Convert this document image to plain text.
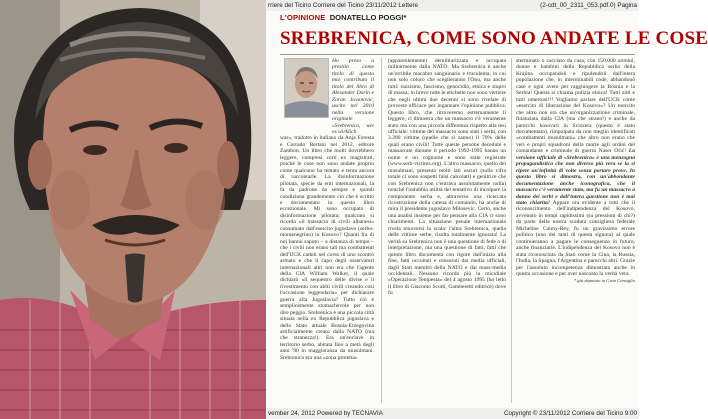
rriere del Ticino Corriere del Ticino 23/11/2012 Lettere	(2-cdt_00_2311_053.pdf.0) Pagina
L'OPINIONE DONATELLO POGGI*
SREBRENICA, COME SONO ANDATE LE COSE
Ho preso a prestito come titolo di questo mio contributo il titolo del libro di Alexander Dorin e Zoran Jovanovic, uscito nel 2010 nella versione originale «Srebrenica, wie es wirklich
war», tradotto in italiano da Anja Foresta e Corrado Bertani nel 2012, editore Zambon. Un libro che molti dovrebbero leggere, compresi certi ex magistrati, poiché le cose non sono andate proprio come qualcuno ha tentato e tenta ancora di raccontarle. La disinformazione pilotata, specie da enti internazionali, la fa da padrone da sempre e quindi condiziona grandemente ciò che è scritto e documentato in questo libro eccezionale. Mi sono occupato di disinformazione pilotata; qualcuno si ricorda «il massacro di civili albanesi» consumato dall'esercito jugoslavo (serbo-montenegrino) in Kosovo? Quanti fra di noi hanno saputo – a distanza di tempo – che i civili non erano tali ma combattenti dell'UCK caduti nel corso di uno scontro armato e che il capo degli osservatori internazionali altri non era che l'agente della CIA William Walker, il quale dichiarò «il sequestro delle divise e il rivestimento con abiti civili creando così l'occasione leggendaria» per dichiarare guerra alla Jugoslavia? Tutto ciò è semplicemente stomachevole per non dire peggio. Srebrenica è una piccola città situata nella ex Repubblica jugoslava e dello Stato attuale Bosnia-Erzegovina artificialmente creato dalla NATO (ma che stranezza!). Era un'enclave in territorio serbo, abitata fino a metà degli anni '90 in maggioranza da musulmani. Srebrenica era una «zona protetta»
(apparentemente) demilitarizzata e occupata militarmente dalla NATO. Ma Srebrenica è anche un'orribile macabro sanguinario e truculenta, in cui non solo coloro che sceglieranno l'Onu, ma anche tutti: razzismo, fascismo, genocidio, etnica e stupro di massa; in breve tutte le etichette non sono vertiere che negli ultimi due decenni si sono rivelate di proveste efficace per ingannare l'opinione pubblica. Questo libro, che ritroveremo estremamente lì leggere, ci dimostra che un massacro c'è veramente stato ma con una piccola differenza rispetto alla tesi ufficiale: vittime del massacro sono stati i serbi, con 3.280 vittime (quelle che sì sanno) il 70% delle quali erano civili! Tutte queste persone decedute e massacrate durante il periodo 1992-1995 hanno un nome e un cognome e sono state registrate (www.serb-victims.org). L'altro massacro, quello dei musulmani, presenta molti lati oscuri (sulla cifra totale ci sono sospetti falsi calcolati) e genitrice che con Srebrenica non c'entrava assolutamente nulla) nonché l'indubbia utilità del tentativo di incolpare la componente serba e, attraverso una ricercata ricostruzione della catena di comando, ha anche di mira il presidente jugoslavo Milosevic. Certo, anche una analisi insieme per far pensare alla CIA ci sono chiarimenti. La situazione penale internazionale rivela muoversi la scala: l'altra Srebrenica, quella delle vittime serbe, risulta totalmente ignorata! La verità su Srebrenica non è una questione di fede o di interpretazione, ma una questione di fatti, fatti che questo libro documenta con rigore dall'inizio alla fine, fatti occultati e censurati dai media ufficiali, dagli Stati membri della NATO e dai mass-media occidentali. Nessuno ricorda più la micidiale «Operazione Tempesta» del 4 agosto 1995 (ho letto il libro di Giacomo Scotti, Gamberetti editrice) dove fu
sterminato o cacciato da casa, con 150.000 uomini, donne e bambini della Repubblica serba della Krajina occupandoli e ripulendoli dall'intera popolazione che, in interminabili code, abbandonò case e ogni avere per raggiungere la Bosnia e la Serbia! Questa si chiama pulizia etnica! Tutti zitti e tutti omertosi!!! Vogliamo parlare dell'UCK come «esercito di liberazione del Kosovo»? Un esercito che altro non era che un'organizzazione criminale, finanziata dalla CIA (ma che strano!) e anche da parecchi kosovari in Svizzera (questo è stato documentato), rimpolpata da non meglio identificati «combattenti musulmani» che altro non erano che veri e propri squadroni della morte agli ordini del comandante e criminale di guerra Naser Orić! La versione ufficiale di «Srebrenica» è una menzogna propagandistica che non diverso più vera se la si ripete un'infinità di volte senza portare prove. In questo libro si dimostra, con un'abbondante documentazione anche iconografica, che il massacro c'è veramente stato, ma fu un massacro a danno dei serbi e dall'intera questione non è mai stato chiarita! Appare ora evidente a tutti che il riconoscimento dell'indipendenza del Kosovo, avvenuto in tempi rapidissimi (su pressioni di chi?) da parte della nostra scaduta consigliera federale Micheline Calmy-Rey, fu un gravissimo errore politico (uno dei tanti di questa signora) al quale continueranno a pagare le conseguenze in futuro, anche finanziarie. L'indipendenza del Kosovo non è stata riconosciuta da Stati come la Cina, la Russia, l'India, la Spagna, l'Argentina e parecchi altri. Grazie per l'assoluto incompetenza dimostrata anche in questa occasione e per aver nascosto la verità vera.
* già deputato in Gran Consiglio
vember 24, 2012 Powered by TECNAVIA	Copyright © 23/11/2012 Corriere del Ticino 9:00
